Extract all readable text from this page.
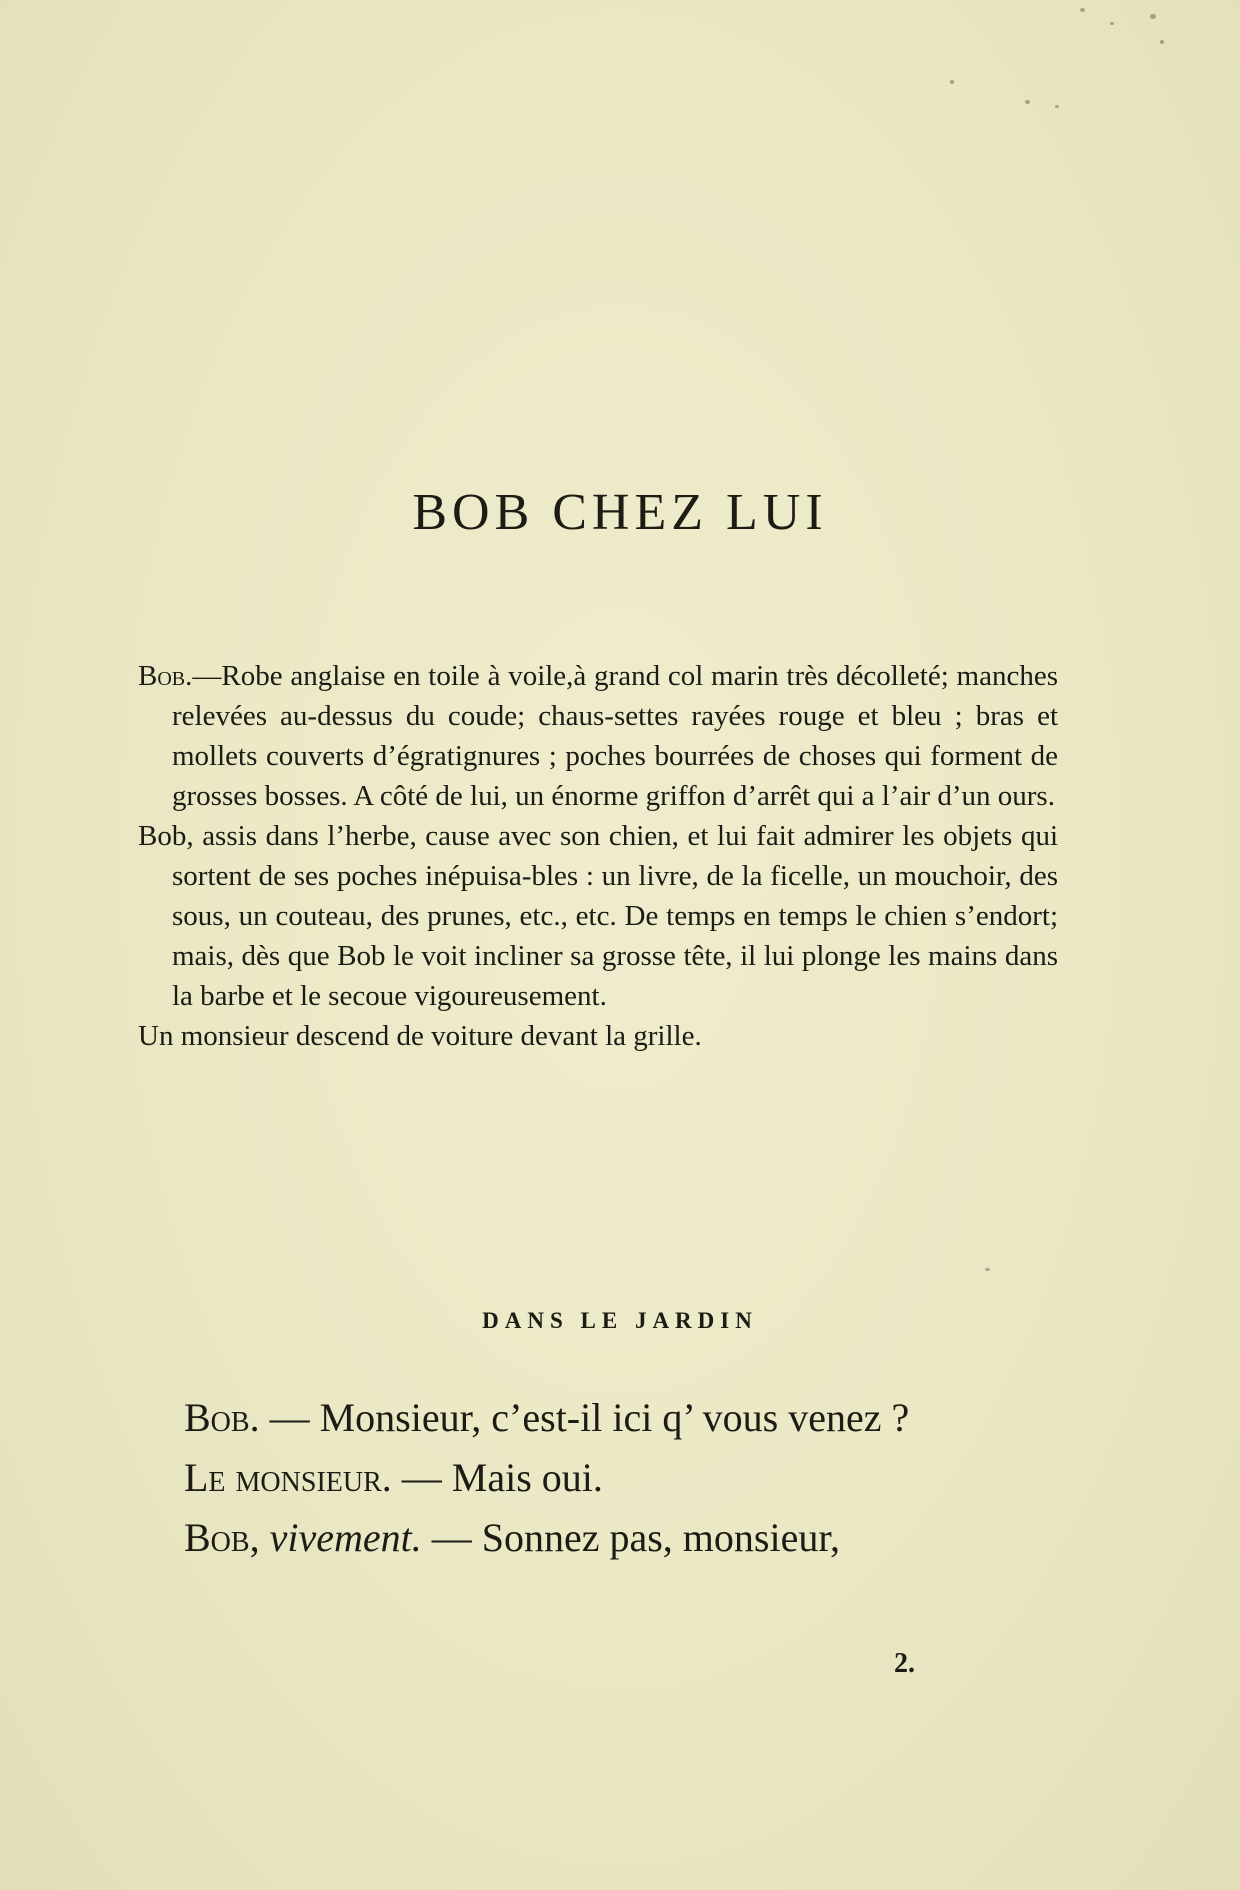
BOB CHEZ LUI

Bob.—Robe anglaise en toile à voile,à grand col marin très décolleté; manches relevées au-dessus du coude; chaus-settes rayées rouge et bleu ; bras et mollets couverts d’égratignures ; poches bourrées de choses qui forment de grosses bosses. A côté de lui, un énorme griffon d’arrêt qui a l’air d’un ours.

Bob, assis dans l’herbe, cause avec son chien, et lui fait admirer les objets qui sortent de ses poches inépuisa-bles : un livre, de la ficelle, un mouchoir, des sous, un couteau, des prunes, etc., etc. De temps en temps le chien s’endort; mais, dès que Bob le voit incliner sa grosse tête, il lui plonge les mains dans la barbe et le secoue vigoureusement.

Un monsieur descend de voiture devant la grille.

DANS LE JARDIN

Bob. — Monsieur, c’est-il ici q’ vous venez ?

Le monsieur. — Mais oui.

Bob, vivement. — Sonnez pas, monsieur,

2.
